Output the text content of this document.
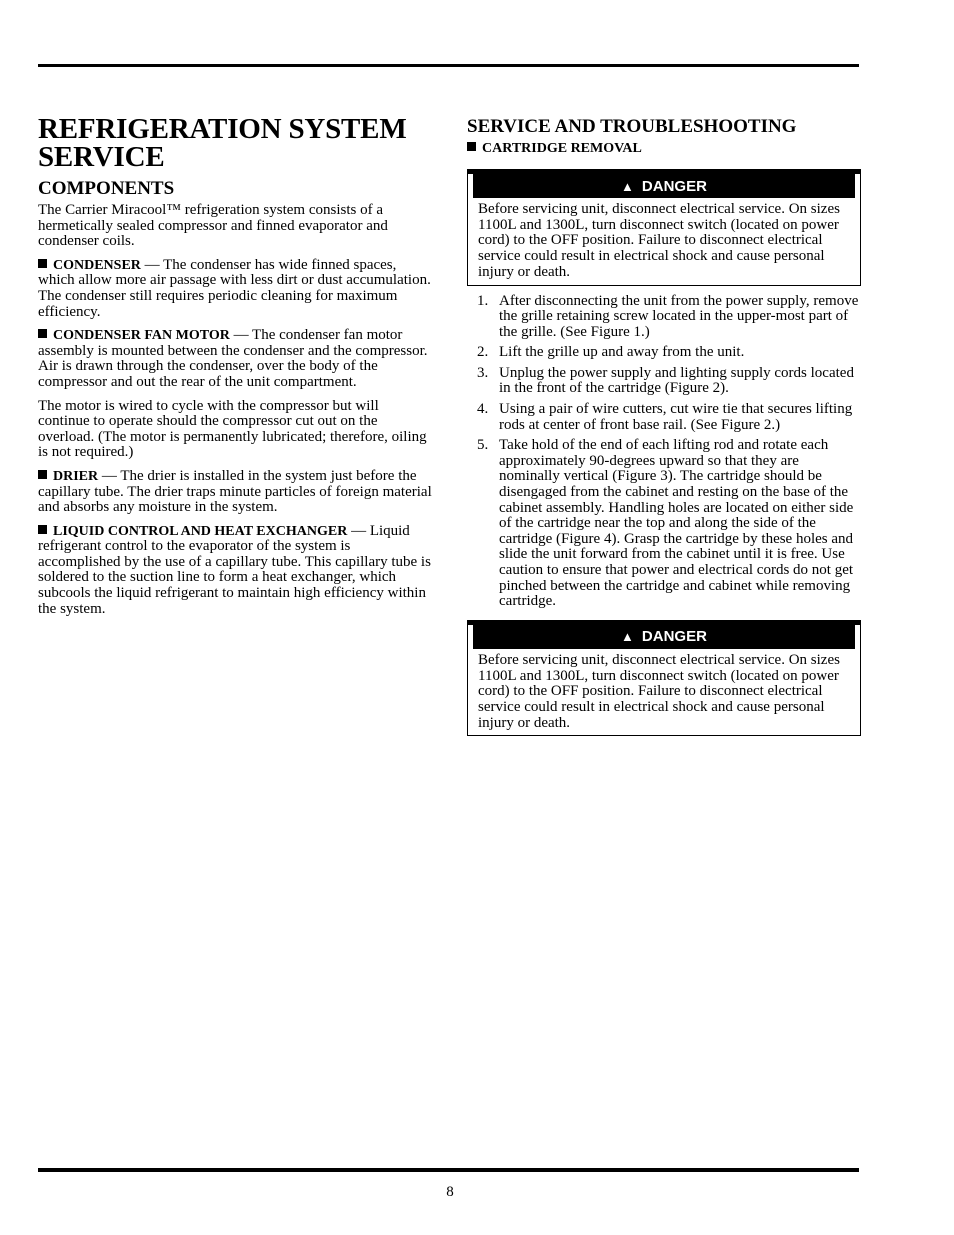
REFRIGERATION SYSTEM SERVICE
COMPONENTS

The Carrier Miracool™ refrigeration system consists of a hermetically sealed compressor and finned evaporator and condenser coils.

CONDENSER — The condenser has wide finned spaces, which allow more air passage with less dirt or dust accumulation. The condenser still requires periodic cleaning for maximum efficiency.

CONDENSER FAN MOTOR — The condenser fan motor assembly is mounted between the condenser and the compressor. Air is drawn through the condenser, over the body of the compressor and out the rear of the unit compartment.

The motor is wired to cycle with the compressor but will continue to operate should the compressor cut out on the overload. (The motor is permanently lubricated; therefore, oiling is not required.)

DRIER — The drier is installed in the system just before the capillary tube. The drier traps minute particles of foreign material and absorbs any moisture in the system.

LIQUID CONTROL AND HEAT EXCHANGER — Liquid refrigerant control to the evaporator of the system is accomplished by the use of a capillary tube. This capillary tube is soldered to the suction line to form a heat exchanger, which subcools the liquid refrigerant to maintain high efficiency within the system.

SERVICE AND TROUBLESHOOTING
CARTRIDGE REMOVAL
▲ DANGER
Before servicing unit, disconnect electrical service. On sizes 1100L and 1300L, turn disconnect switch (located on power cord) to the OFF position. Failure to disconnect electrical service could result in electrical shock and cause personal injury or death.
1. After disconnecting the unit from the power supply, remove the grille retaining screw located in the upper-most part of the grille. (See Figure 1.)
2. Lift the grille up and away from the unit.
3. Unplug the power supply and lighting supply cords located in the front of the cartridge (Figure 2).
4. Using a pair of wire cutters, cut wire tie that secures lifting rods at center of front base rail. (See Figure 2.)
5. Take hold of the end of each lifting rod and rotate each approximately 90-degrees upward so that they are nominally vertical (Figure 3). The cartridge should be disengaged from the cabinet and resting on the base of the cabinet assembly. Handling holes are located on either side of the cartridge near the top and along the side of the cartridge (Figure 4). Grasp the cartridge by these holes and slide the unit forward from the cabinet until it is free. Use caution to ensure that power and electrical cords do not get pinched between the cartridge and cabinet while removing cartridge.
▲ DANGER
Before servicing unit, disconnect electrical service. On sizes 1100L and 1300L, turn disconnect switch (located on power cord) to the OFF position. Failure to disconnect electrical service could result in electrical shock and cause personal injury or death.
8
